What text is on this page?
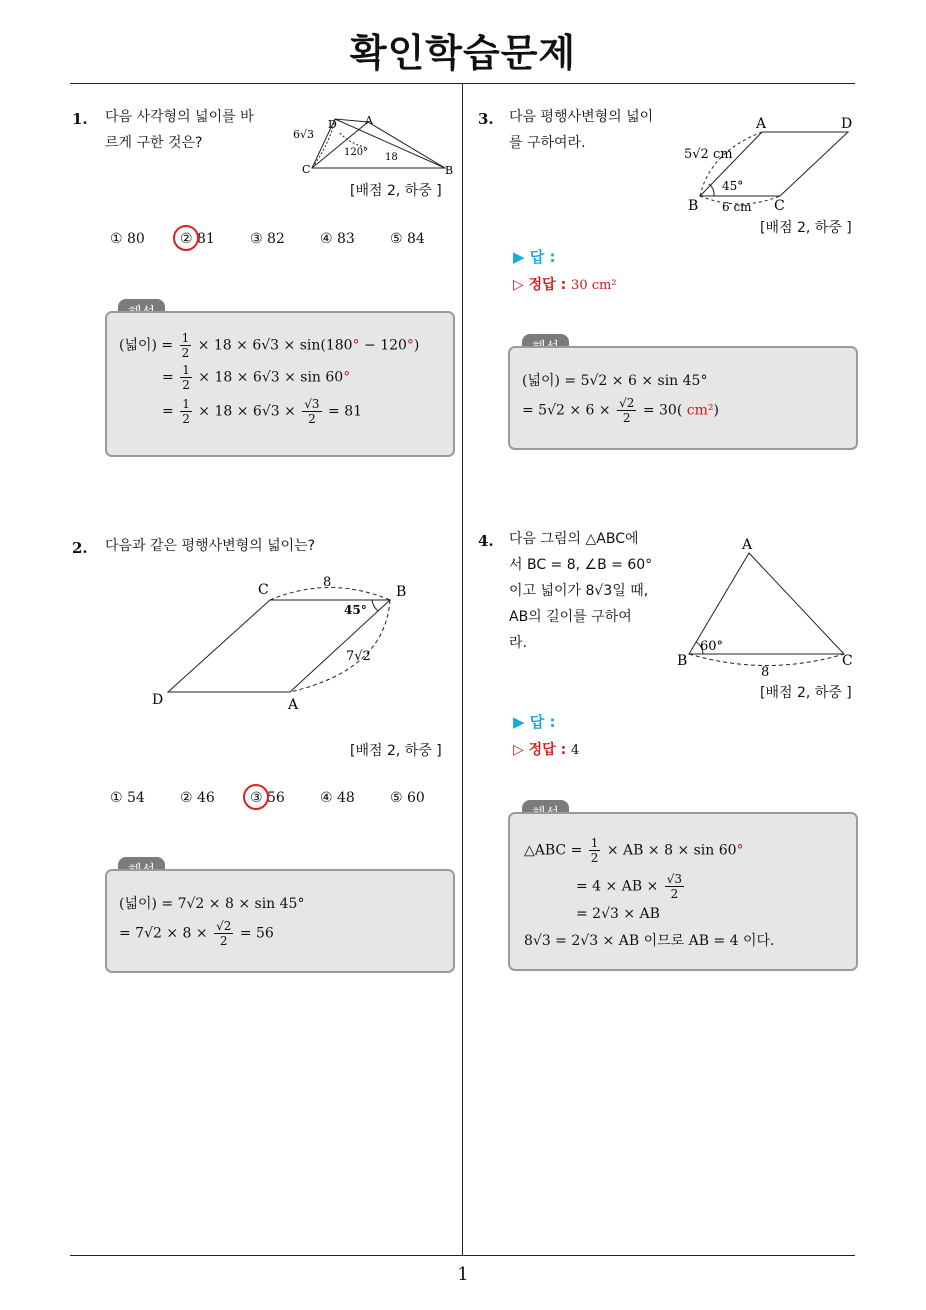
확인학습문제
1
1. 다음 사각형의 넓이를 바
르게 구한 것은?
D	A
C	B
6√3
120° 18
[배점 2, 하중 ]
① 80	② 81	③ 82	④ 83	⑤ 84
(넓이) = $\frac{1}{2} \times 18 \times 6√3 \times \sin(180^\circ - 120^\circ)$
= $\frac{1}{2} \times 18 \times 6√3 \times \sin 60^\circ$
= $\frac{1}{2} \times 18 \times 6√3 \times \frac{√3}{2} = 81$
2. 다음과 같은 평행사변형의 넓이는?
C	B
D	A
8
45°
7√2
[배점 2, 하중 ]
① 54	② 46	③ 56	④ 48	⑤ 60
(넓이) = 7√2 × 8 × sin 45°
= $7√2 \times 8 \times \frac{√2}{2} = 56$
3. 다음 평행사변형의 넓이
를 구하여라.
A	D
B	C
5√2 cm
45°
6 cm
[배점 2, 하중 ]
▶ 답 :
▷ 정답 : 30 cm²
(넓이) = 5√2 × 6 × sin 45°
= $5√2 \times 6 \times \frac{√2}{2} = 30$( cm²)
4. 다음 그림의 △ABC에
서 BC = 8, ∠B = 60°
이고 넓이가 8√3일 때,
AB의 길이를 구하여
라.
A
B	C
60°
8
[배점 2, 하중 ]
▶ 답 :
▷ 정답 : 4
△ABC = $\frac{1}{2}$ × AB × 8 × sin 60°
= 4 × AB × $\frac{√3}{2}$
= 2√3 × AB
8√3 = 2√3 × AB 이므로 AB = 4 이다.
